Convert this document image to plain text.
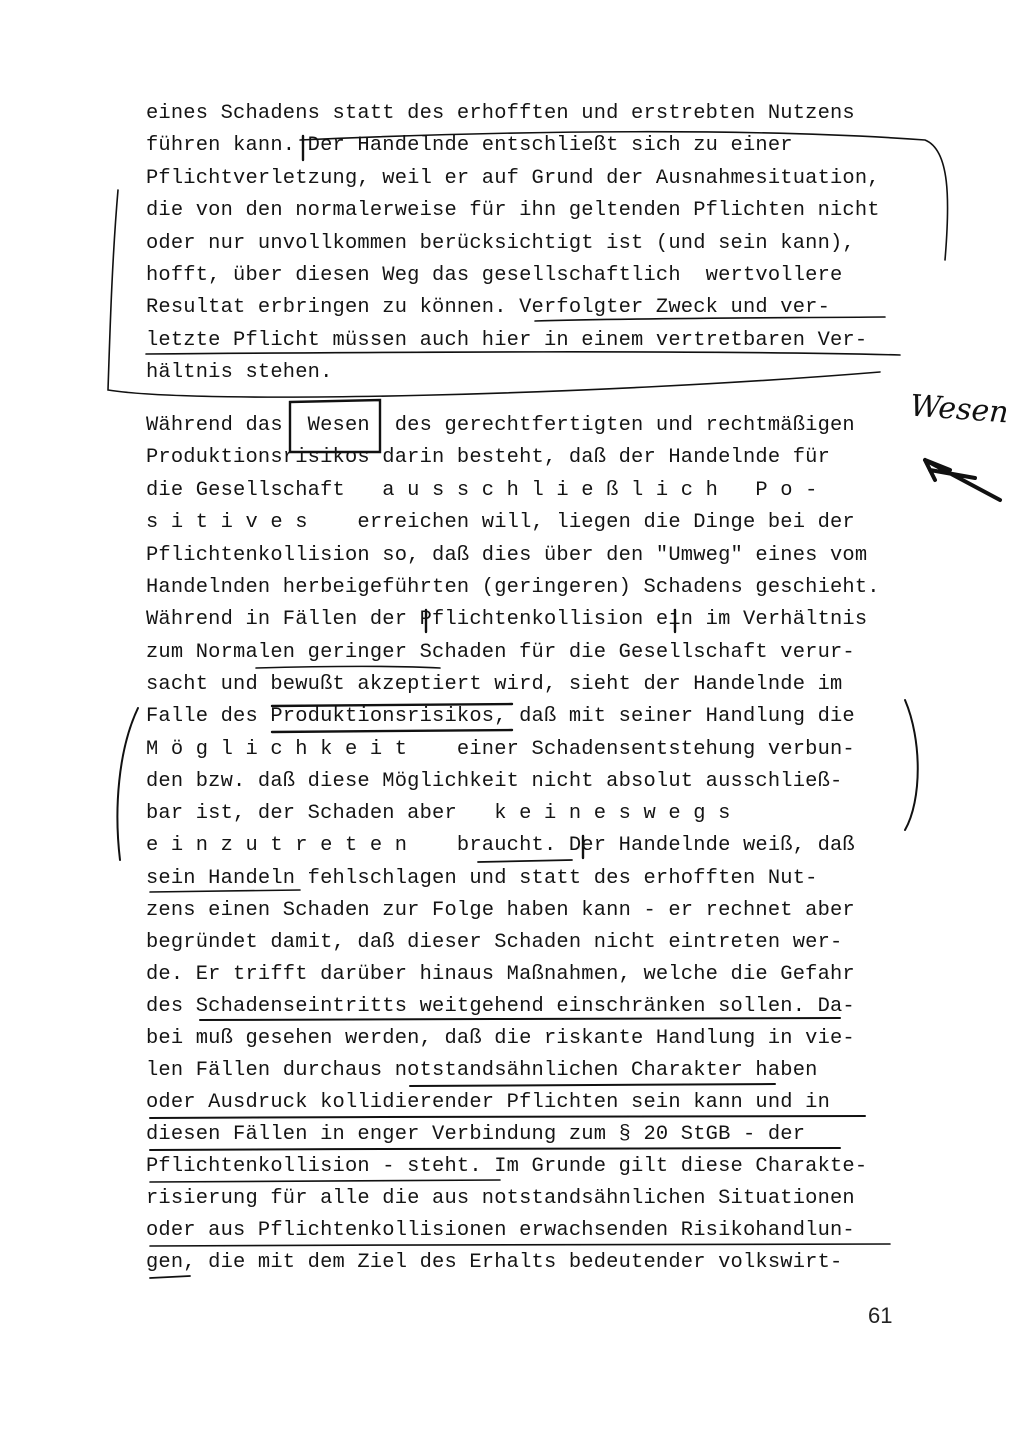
eines Schadens statt des erhofften und erstrebten Nutzens
führen kann. Der Handelnde entschließt sich zu einer
Pflichtverletzung, weil er auf Grund der Ausnahmesituation,
die von den normalerweise für ihn geltenden Pflichten nicht
oder nur unvollkommen berücksichtigt ist (und sein kann),
hofft, über diesen Weg das gesellschaftlich  wertvollere
Resultat erbringen zu können. Verfolgter Zweck und ver-
letzte Pflicht müssen auch hier in einem vertretbaren Ver-
hältnis stehen.
Während das  Wesen  des gerechtfertigten und rechtmäßigen
Produktionsrisikos darin besteht, daß der Handelnde für
die Gesellschaft   a u s s c h l i e ß l i c h   P o -
s i t i v e s    erreichen will, liegen die Dinge bei der
Pflichtenkollision so, daß dies über den "Umweg" eines vom
Handelnden herbeigeführten (geringeren) Schadens geschieht.
Während in Fällen der Pflichtenkollision ein im Verhältnis
zum Normalen geringer Schaden für die Gesellschaft verur-
sacht und bewußt akzeptiert wird, sieht der Handelnde im
Falle des Produktionsrisikos, daß mit seiner Handlung die
M ö g l i c h k e i t    einer Schadensentstehung verbun-
den bzw. daß diese Möglichkeit nicht absolut ausschließ-
bar ist, der Schaden aber   k e i n e s w e g s
e i n z u t r e t e n    braucht. Der Handelnde weiß, daß
sein Handeln fehlschlagen und statt des erhofften Nut-
zens einen Schaden zur Folge haben kann - er rechnet aber
begründet damit, daß dieser Schaden nicht eintreten wer-
de. Er trifft darüber hinaus Maßnahmen, welche die Gefahr
des Schadenseintritts weitgehend einschränken sollen. Da-
bei muß gesehen werden, daß die riskante Handlung in vie-
len Fällen durchaus notstandsähnlichen Charakter haben
oder Ausdruck kollidierender Pflichten sein kann und in
diesen Fällen in enger Verbindung zum § 20 StGB - der
Pflichtenkollision - steht. Im Grunde gilt diese Charakte-
risierung für alle die aus notstandsähnlichen Situationen
oder aus Pflichtenkollisionen erwachsenden Risikohandlun-
gen, die mit dem Ziel des Erhalts bedeutender volkswirt-
Wesen
61
